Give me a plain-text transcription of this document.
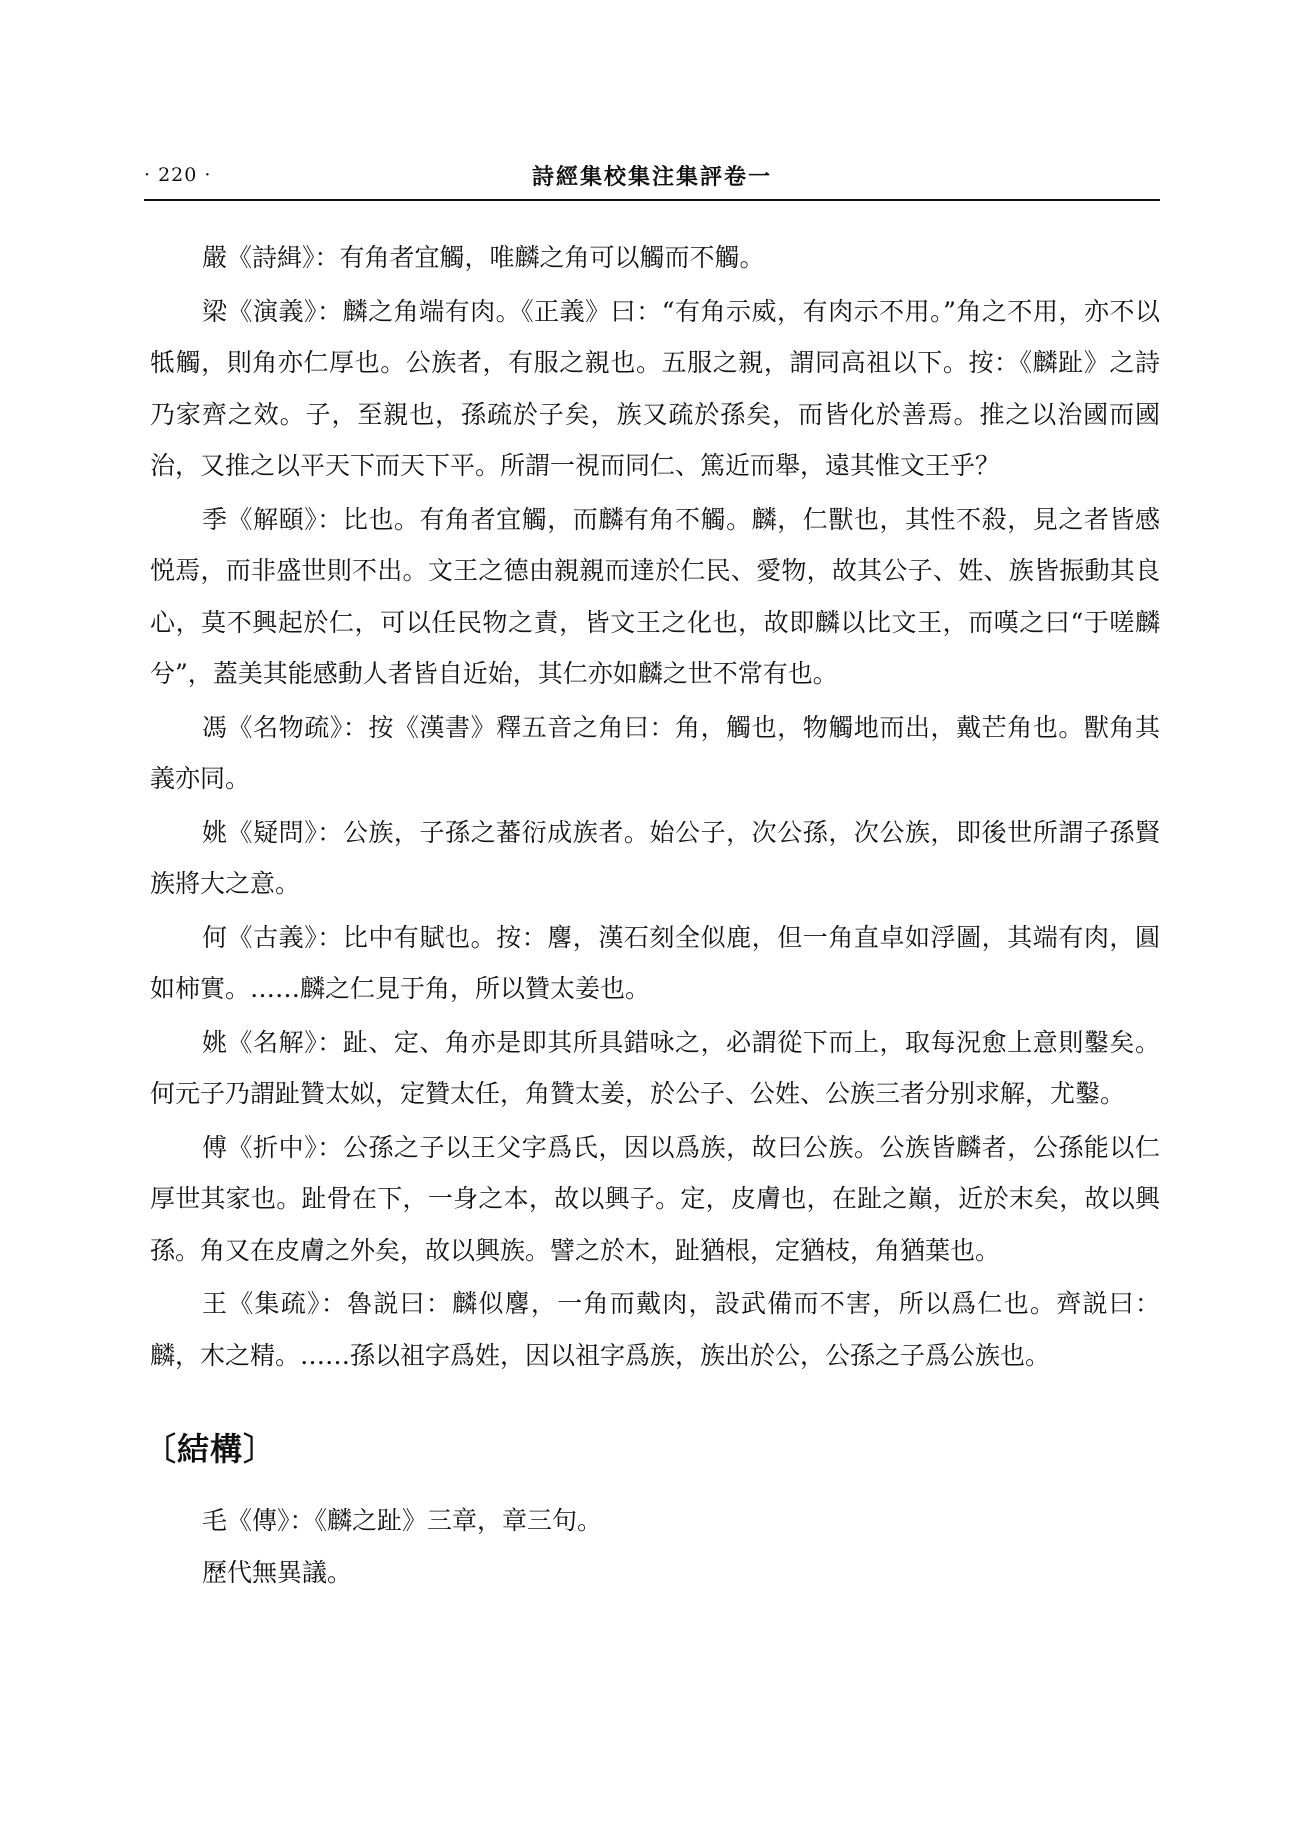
· 220 ·	詩經集校集注集評卷一

嚴《詩緝》：有角者宜觸，唯麟之角可以觸而不觸。

梁《演義》：麟之角端有肉。《正義》曰：“有角示威，有肉示不用。”角之不用，亦不以牴觸，則角亦仁厚也。公族者，有服之親也。五服之親，謂同高祖以下。按：《麟趾》之詩乃家齊之效。子，至親也，孫疏於子矣，族又疏於孫矣，而皆化於善焉。推之以治國而國治，又推之以平天下而天下平。所謂一視而同仁、篤近而舉，遠其惟文王乎？

季《解頤》：比也。有角者宜觸，而麟有角不觸。麟，仁獸也，其性不殺，見之者皆感悦焉，而非盛世則不出。文王之德由親親而達於仁民、愛物，故其公子、姓、族皆振動其良心，莫不興起於仁，可以任民物之責，皆文王之化也，故即麟以比文王，而嘆之曰“于嗟麟兮”，蓋美其能感動人者皆自近始，其仁亦如麟之世不常有也。

馮《名物疏》：按《漢書》釋五音之角曰：角，觸也，物觸地而出，戴芒角也。獸角其義亦同。

姚《疑問》：公族，子孫之蕃衍成族者。始公子，次公孫，次公族，即後世所謂子孫賢族將大之意。

何《古義》：比中有賦也。按：麐，漢石刻全似鹿，但一角直卓如浮圖，其端有肉，圓如柿實。……麟之仁見于角，所以贊太姜也。

姚《名解》：趾、定、角亦是即其所具錯咏之，必謂從下而上，取每況愈上意則鑿矣。何元子乃謂趾贊太姒，定贊太任，角贊太姜，於公子、公姓、公族三者分别求解，尤鑿。

傅《折中》：公孫之子以王父字爲氏，因以爲族，故曰公族。公族皆麟者，公孫能以仁厚世其家也。趾骨在下，一身之本，故以興子。定，皮膚也，在趾之巔，近於末矣，故以興孫。角又在皮膚之外矣，故以興族。譬之於木，趾猶根，定猶枝，角猶葉也。

王《集疏》：魯説曰：麟似麐，一角而戴肉，設武備而不害，所以爲仁也。齊説曰：麟，木之精。……孫以祖字爲姓，因以祖字爲族，族出於公，公孫之子爲公族也。

〔結構〕

毛《傳》：《麟之趾》三章，章三句。

歷代無異議。
